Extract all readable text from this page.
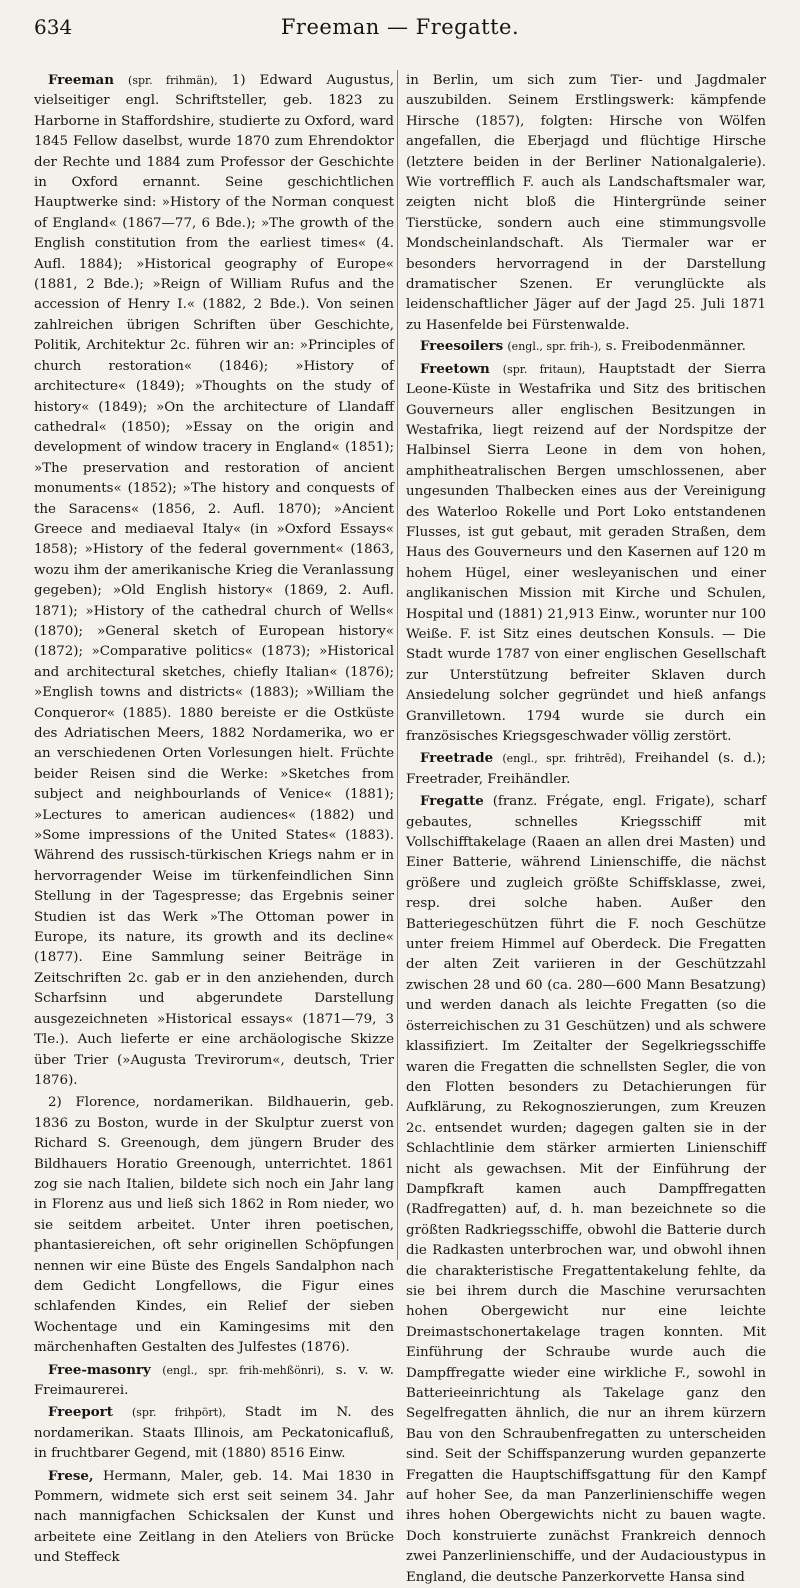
634	Freeman — Fregatte.

Freeman (spr. frihmän), 1) Edward Augustus, vielseitiger engl. Schriftsteller, geb. 1823 zu Harborne in Staffordshire, studierte zu Oxford, ward 1845 Fellow daselbst, wurde 1870 zum Ehrendoktor der Rechte und 1884 zum Professor der Geschichte in Oxford ernannt. Seine geschichtlichen Hauptwerke sind: »History of the Norman conquest of England« (1867—77, 6 Bde.); »The growth of the English constitution from the earliest times« (4. Aufl. 1884); »Historical geography of Europe« (1881, 2 Bde.); »Reign of William Rufus and the accession of Henry I.« (1882, 2 Bde.). Von seinen zahlreichen übrigen Schriften über Geschichte, Politik, Architektur 2c. führen wir an: »Principles of church restoration« (1846); »History of architecture« (1849); »Thoughts on the study of history« (1849); »On the architecture of Llandaff cathedral« (1850); »Essay on the origin and development of window tracery in England« (1851); »The preservation and restoration of ancient monuments« (1852); »The history and conquests of the Saracens« (1856, 2. Aufl. 1870); »Ancient Greece and mediaeval Italy« (in »Oxford Essays« 1858); »History of the federal government« (1863, wozu ihm der amerikanische Krieg die Veranlassung gegeben); »Old English history« (1869, 2. Aufl. 1871); »History of the cathedral church of Wells« (1870); »General sketch of European history« (1872); »Comparative politics« (1873); »Historical and architectural sketches, chiefly Italian« (1876); »English towns and districts« (1883); »William the Conqueror« (1885). 1880 bereiste er die Ostküste des Adriatischen Meers, 1882 Nordamerika, wo er an verschiedenen Orten Vorlesungen hielt. Früchte beider Reisen sind die Werke: »Sketches from subject and neighbourlands of Venice« (1881); »Lectures to american audiences« (1882) und »Some impressions of the United States« (1883). Während des russisch-türkischen Kriegs nahm er in hervorragender Weise im türkenfeindlichen Sinn Stellung in der Tagespresse; das Ergebnis seiner Studien ist das Werk »The Ottoman power in Europe, its nature, its growth and its decline« (1877). Eine Sammlung seiner Beiträge in Zeitschriften 2c. gab er in den anziehenden, durch Scharfsinn und abgerundete Darstellung ausgezeichneten »Historical essays« (1871—79, 3 Tle.). Auch lieferte er eine archäologische Skizze über Trier (»Augusta Trevirorum«, deutsch, Trier 1876).

2) Florence, nordamerikan. Bildhauerin, geb. 1836 zu Boston, wurde in der Skulptur zuerst von Richard S. Greenough, dem jüngern Bruder des Bildhauers Horatio Greenough, unterrichtet. 1861 zog sie nach Italien, bildete sich noch ein Jahr lang in Florenz aus und ließ sich 1862 in Rom nieder, wo sie seitdem arbeitet. Unter ihren poetischen, phantasiereichen, oft sehr originellen Schöpfungen nennen wir eine Büste des Engels Sandalphon nach dem Gedicht Longfellows, die Figur eines schlafenden Kindes, ein Relief der sieben Wochentage und ein Kamingesims mit den märchenhaften Gestalten des Julfestes (1876).

Free-masonry (engl., spr. frih-mehßönri), s. v. w. Freimaurerei.

Freeport (spr. frihpört), Stadt im N. des nordamerikan. Staats Illinois, am Peckatonicafluß, in fruchtbarer Gegend, mit (1880) 8516 Einw.

Frese, Hermann, Maler, geb. 14. Mai 1830 in Pommern, widmete sich erst seit seinem 34. Jahr nach mannigfachen Schicksalen der Kunst und arbeitete eine Zeitlang in den Ateliers von Brücke und Steffeck

in Berlin, um sich zum Tier- und Jagdmaler auszubilden. Seinem Erstlingswerk: kämpfende Hirsche (1857), folgten: Hirsche von Wölfen angefallen, die Eberjagd und flüchtige Hirsche (letztere beiden in der Berliner Nationalgalerie). Wie vortrefflich F. auch als Landschaftsmaler war, zeigten nicht bloß die Hintergründe seiner Tierstücke, sondern auch eine stimmungsvolle Mondscheinlandschaft. Als Tiermaler war er besonders hervorragend in der Darstellung dramatischer Szenen. Er verunglückte als leidenschaftlicher Jäger auf der Jagd 25. Juli 1871 zu Hasenfelde bei Fürstenwalde.

Freesoilers (engl., spr. frih-), s. Freibodenmänner.

Freetown (spr. fritaun), Hauptstadt der Sierra Leone-Küste in Westafrika und Sitz des britischen Gouverneurs aller englischen Besitzungen in Westafrika, liegt reizend auf der Nordspitze der Halbinsel Sierra Leone in dem von hohen, amphitheatralischen Bergen umschlossenen, aber ungesunden Thalbecken eines aus der Vereinigung des Waterloo Rokelle und Port Loko entstandenen Flusses, ist gut gebaut, mit geraden Straßen, dem Haus des Gouverneurs und den Kasernen auf 120 m hohem Hügel, einer wesleyanischen und einer anglikanischen Mission mit Kirche und Schulen, Hospital und (1881) 21,913 Einw., worunter nur 100 Weiße. F. ist Sitz eines deutschen Konsuls. — Die Stadt wurde 1787 von einer englischen Gesellschaft zur Unterstützung befreiter Sklaven durch Ansiedelung solcher gegründet und hieß anfangs Granvilletown. 1794 wurde sie durch ein französisches Kriegsgeschwader völlig zerstört.

Freetrade (engl., spr. frihtrēd), Freihandel (s. d.); Freetrader, Freihändler.

Fregatte (franz. Frégate, engl. Frigate), scharf gebautes, schnelles Kriegsschiff mit Vollschifftakelage (Raaen an allen drei Masten) und Einer Batterie, während Linienschiffe, die nächst größere und zugleich größte Schiffsklasse, zwei, resp. drei solche haben. Außer den Batteriegeschützen führt die F. noch Geschütze unter freiem Himmel auf Oberdeck. Die Fregatten der alten Zeit variieren in der Geschützzahl zwischen 28 und 60 (ca. 280—600 Mann Besatzung) und werden danach als leichte Fregatten (so die österreichischen zu 31 Geschützen) und als schwere klassifiziert. Im Zeitalter der Segelkriegsschiffe waren die Fregatten die schnellsten Segler, die von den Flotten besonders zu Detachierungen für Aufklärung, zu Rekognoszierungen, zum Kreuzen 2c. entsendet wurden; dagegen galten sie in der Schlachtlinie dem stärker armierten Linienschiff nicht als gewachsen. Mit der Einführung der Dampfkraft kamen auch Dampffregatten (Radfregatten) auf, d. h. man bezeichnete so die größten Radkriegsschiffe, obwohl die Batterie durch die Radkasten unterbrochen war, und obwohl ihnen die charakteristische Fregattentakelung fehlte, da sie bei ihrem durch die Maschine verursachten hohen Obergewicht nur eine leichte Dreimastschonertakelage tragen konnten. Mit Einführung der Schraube wurde auch die Dampffregatte wieder eine wirkliche F., sowohl in Batterieeinrichtung als Takelage ganz den Segelfregatten ähnlich, die nur an ihrem kürzern Bau von den Schraubenfregatten zu unterscheiden sind. Seit der Schiffspanzerung wurden gepanzerte Fregatten die Hauptschiffsgattung für den Kampf auf hoher See, da man Panzerlinienschiffe wegen ihres hohen Obergewichts nicht zu bauen wagte. Doch konstruierte zunächst Frankreich dennoch zwei Panzerlinienschiffe, und der Audacioustypus in England, die deutsche Panzerkorvette Hansa sind
